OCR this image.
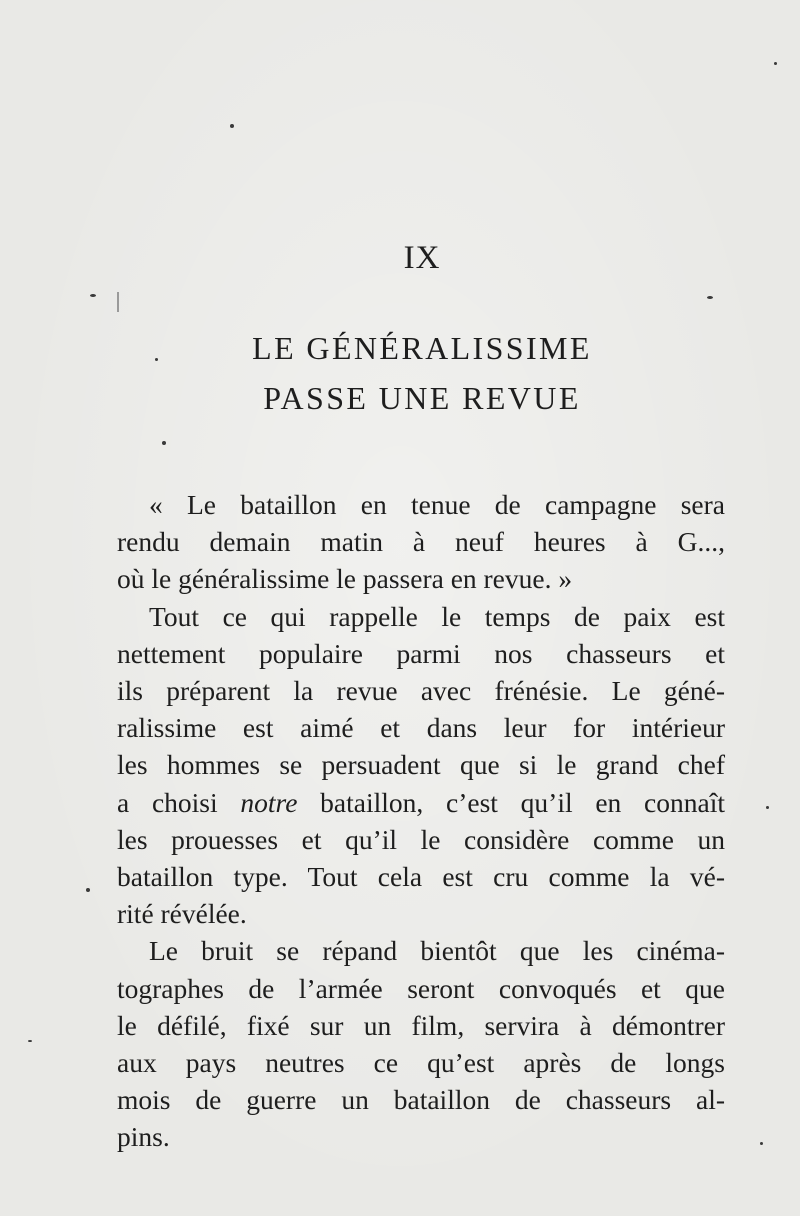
IX
LE GÉNÉRALISSIME
PASSE UNE REVUE
« Le bataillon en tenue de campagne sera
rendu demain matin à neuf heures à G...,
où le généralissime le passera en revue. »
Tout ce qui rappelle le temps de paix est
nettement populaire parmi nos chasseurs et
ils préparent la revue avec frénésie. Le géné-
ralissime est aimé et dans leur for intérieur
les hommes se persuadent que si le grand chef
a choisi notre bataillon, c’est qu’il en connaît
les prouesses et qu’il le considère comme un
bataillon type. Tout cela est cru comme la vé-
rité révélée.
Le bruit se répand bientôt que les cinéma-
tographes de l’armée seront convoqués et que
le défilé, fixé sur un film, servira à démontrer
aux pays neutres ce qu’est après de longs
mois de guerre un bataillon de chasseurs al-
pins.
